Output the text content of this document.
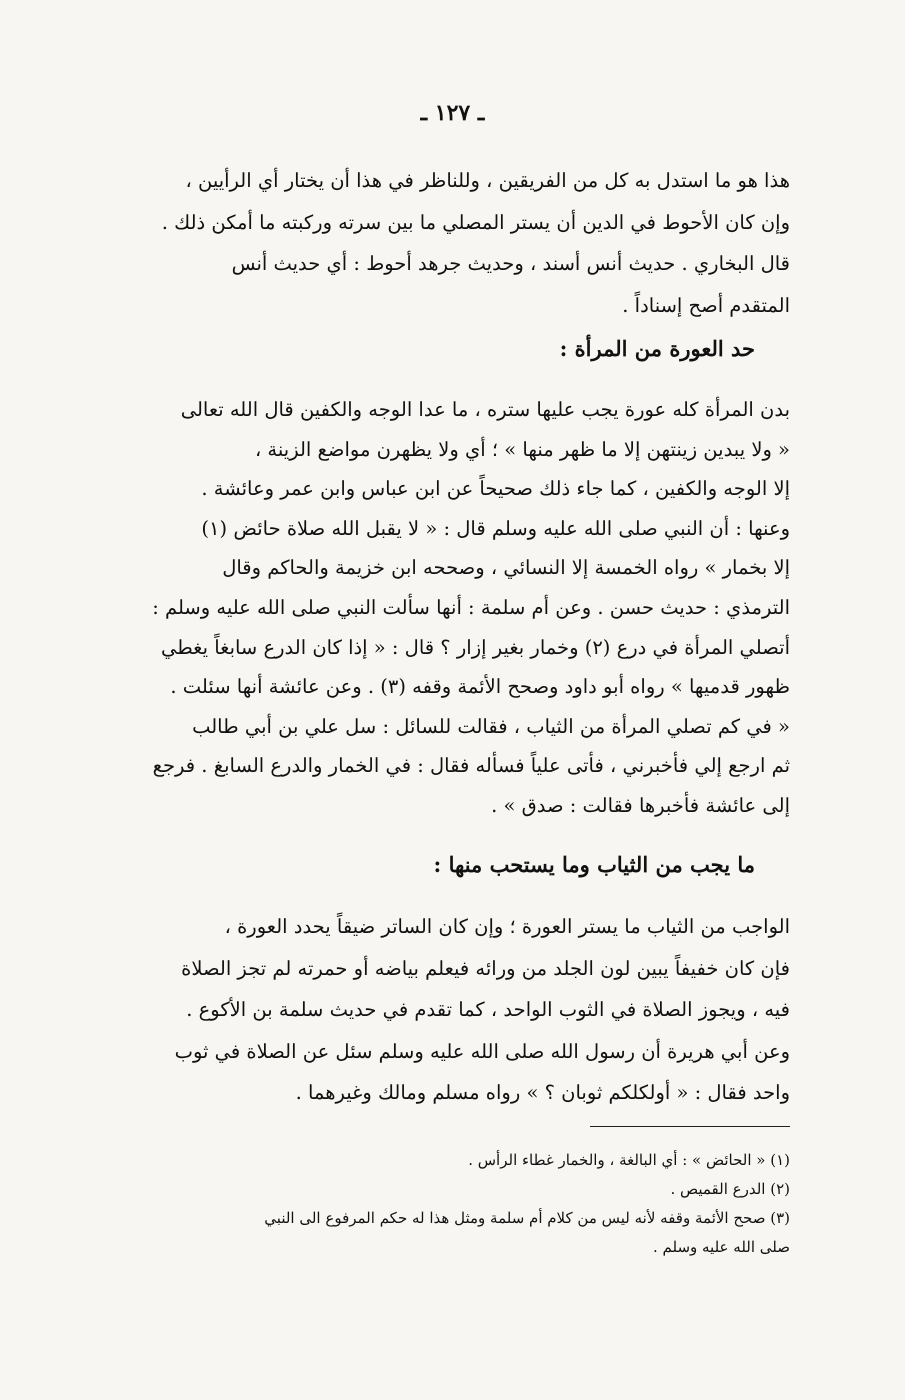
ـ ١٢٧ ـ
هذا هو ما استدل به كل من الفريقين ، وللناظر في هذا أن يختار أي الرأيين ،
وإن كان الأحوط في الدين أن يستر المصلي ما بين سرته وركبته ما أمكن ذلك .
قال البخاري . حديث أنس أسند ، وحديث جرهد أحوط : أي حديث أنس
المتقدم أصح إسناداً .
حد العورة من المرأة :
بدن المرأة كله عورة يجب عليها ستره ، ما عدا الوجه والكفين قال الله تعالى
« ولا يبدين زينتهن إلا ما ظهر منها » ؛ أي ولا يظهرن مواضع الزينة ،
إلا الوجه والكفين ، كما جاء ذلك صحيحاً عن ابن عباس وابن عمر وعائشة .
وعنها : أن النبي صلى الله عليه وسلم قال : « لا يقبل الله صلاة حائض (١)
إلا بخمار » رواه الخمسة إلا النسائي ، وصححه ابن خزيمة والحاكم وقال
الترمذي : حديث حسن . وعن أم سلمة : أنها سألت النبي صلى الله عليه وسلم :
أتصلي المرأة في درع (٢) وخمار بغير إزار ؟ قال : « إذا كان الدرع سابغاً يغطي
ظهور قدميها » رواه أبو داود وصحح الأئمة وقفه (٣) . وعن عائشة أنها سئلت .
« في كم تصلي المرأة من الثياب ، فقالت للسائل : سل علي بن أبي طالب
ثم ارجع إلي فأخبرني ، فأتى علياً فسأله فقال : في الخمار والدرع السابغ . فرجع
إلى عائشة فأخبرها فقالت : صدق » .
ما يجب من الثياب وما يستحب منها :
الواجب من الثياب ما يستر العورة ؛ وإن كان الساتر ضيقاً يحدد العورة ،
فإن كان خفيفاً يبين لون الجلد من ورائه فيعلم بياضه أو حمرته لم تجز الصلاة
فيه ، ويجوز الصلاة في الثوب الواحد ، كما تقدم في حديث سلمة بن الأكوع .
وعن أبي هريرة أن رسول الله صلى الله عليه وسلم سئل عن الصلاة في ثوب
واحد فقال : « أولكلكم ثوبان ؟ » رواه مسلم ومالك وغيرهما .
(١) « الحائض » : أي البالغة ، والخمار غطاء الرأس .
(٢) الدرع القميص .
(٣) صحح الأئمة وقفه لأنه ليس من كلام أم سلمة ومثل هذا له حكم المرفوع الى النبي
صلى الله عليه وسلم .
